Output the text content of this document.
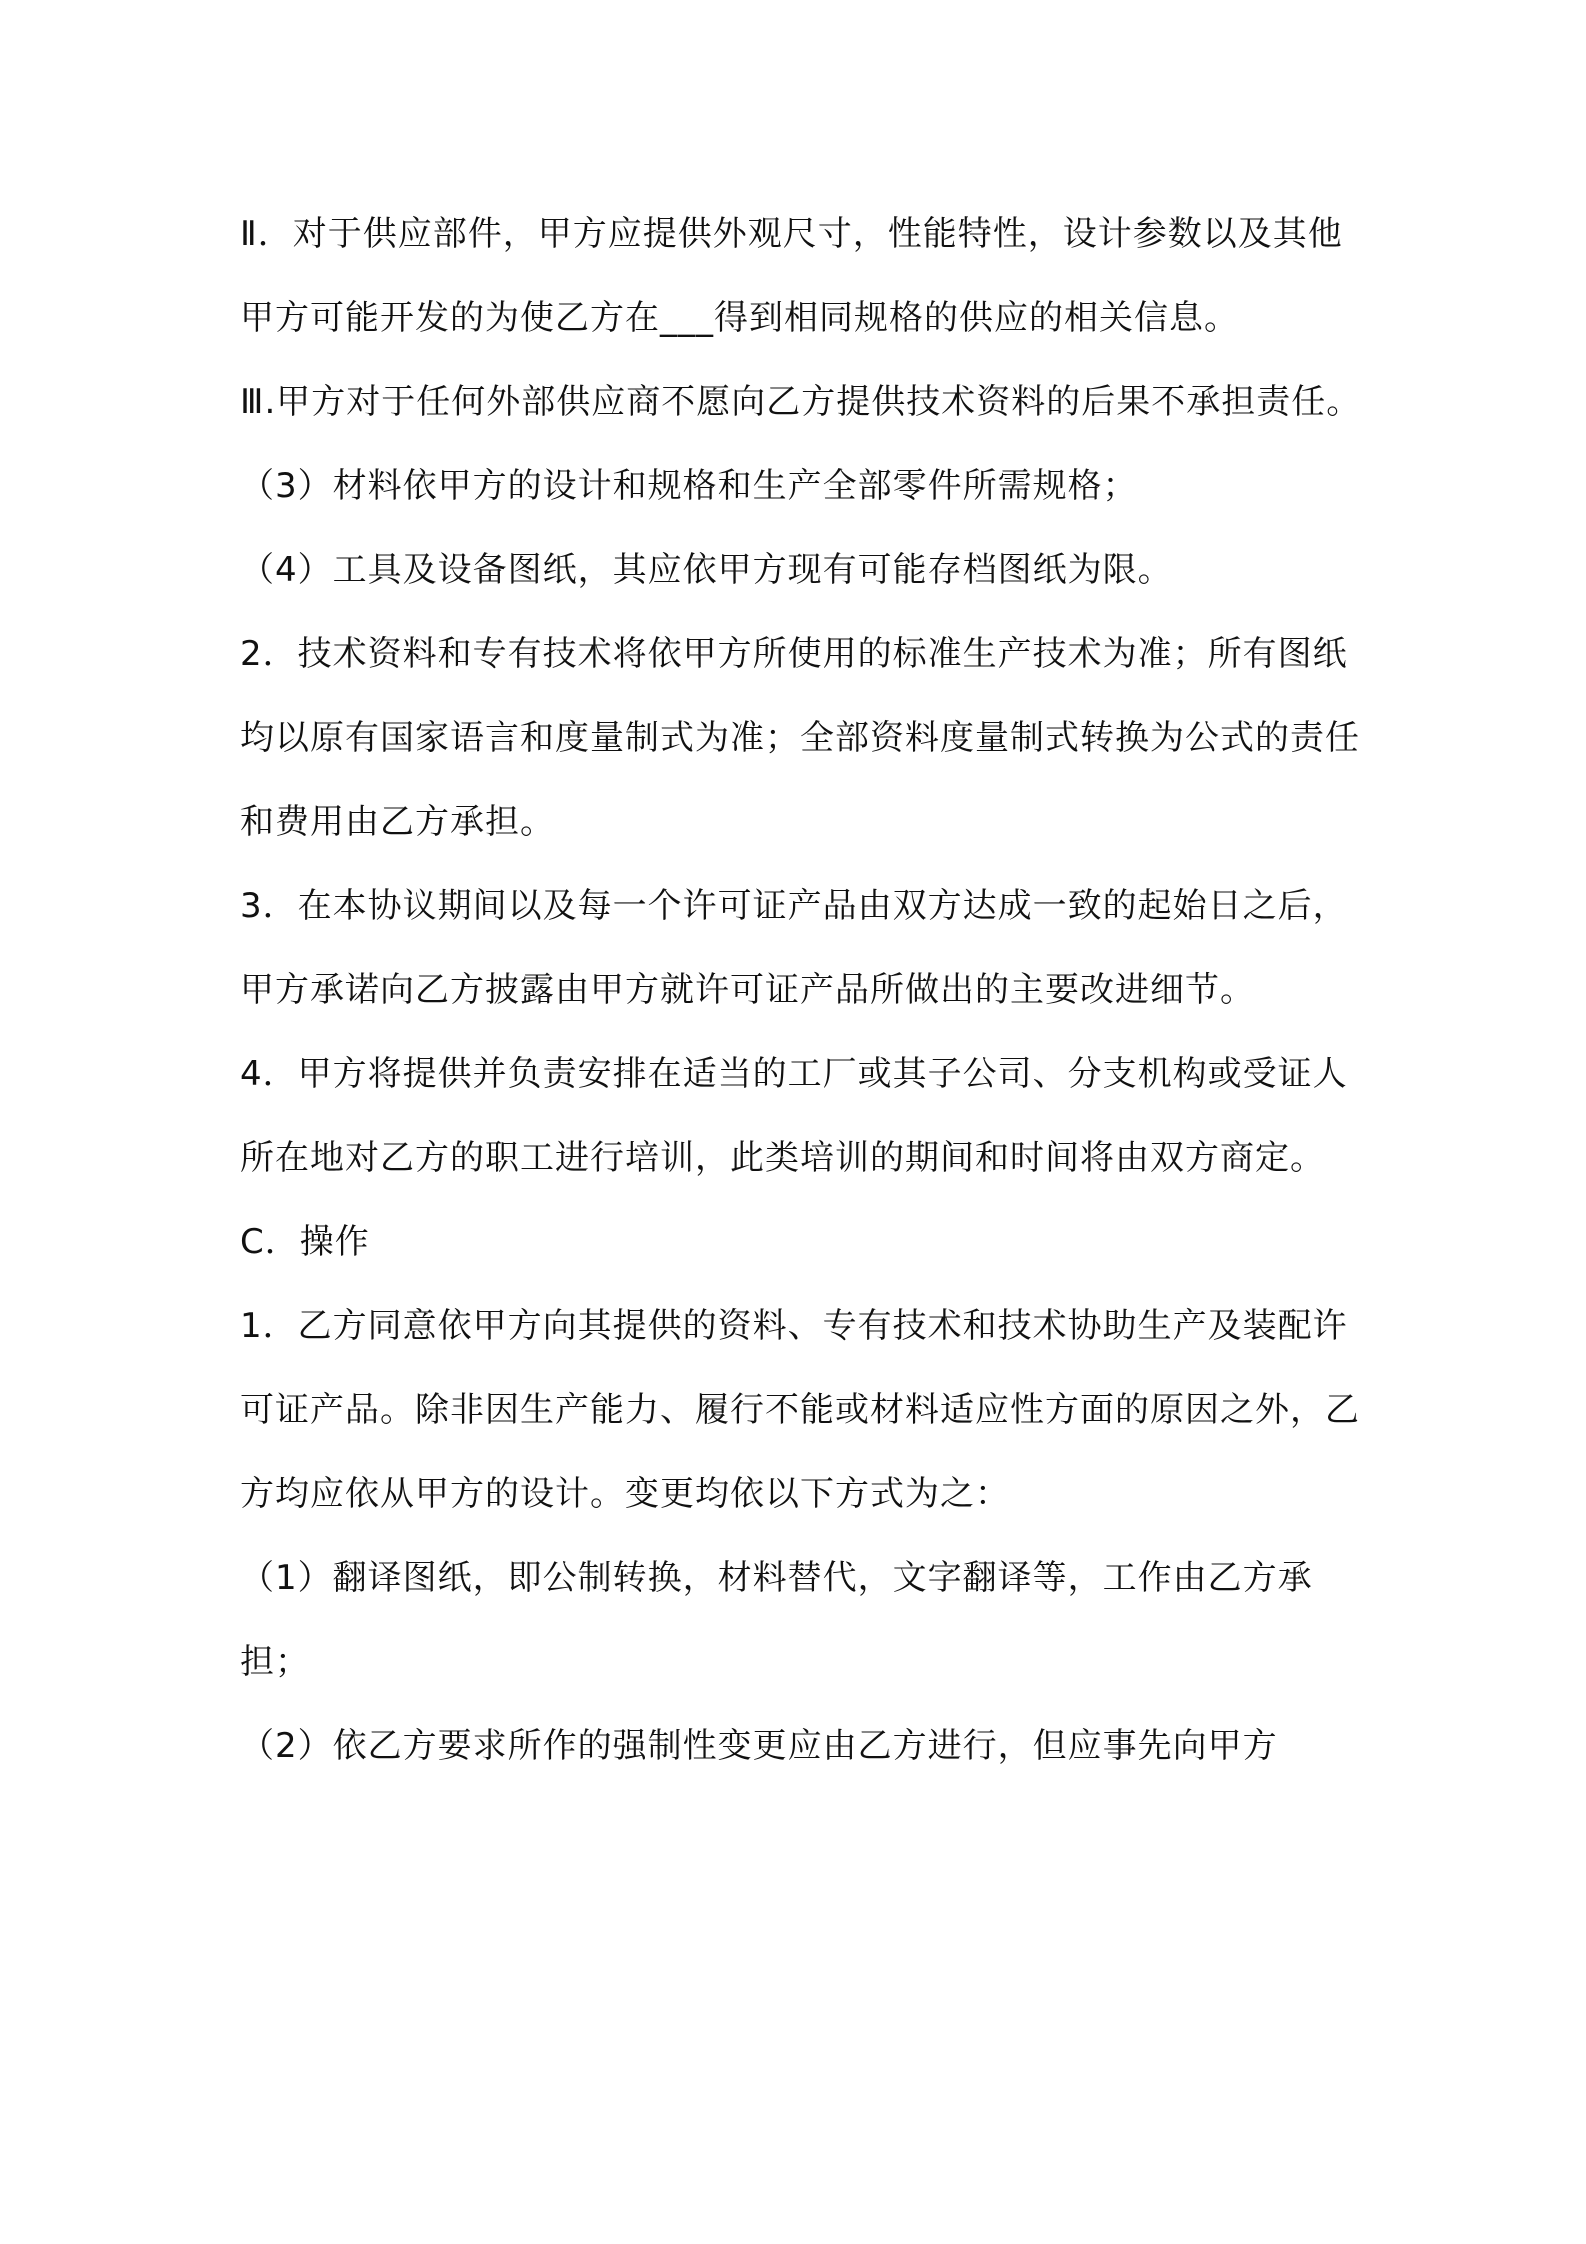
Ⅱ．对于供应部件，甲方应提供外观尺寸，性能特性，设计参数以及其他甲方可能开发的为使乙方在___得到相同规格的供应的相关信息。

Ⅲ.甲方对于任何外部供应商不愿向乙方提供技术资料的后果不承担责任。

（3）材料依甲方的设计和规格和生产全部零件所需规格；

（4）工具及设备图纸，其应依甲方现有可能存档图纸为限。

2．技术资料和专有技术将依甲方所使用的标准生产技术为准；所有图纸均以原有国家语言和度量制式为准；全部资料度量制式转换为公式的责任和费用由乙方承担。

3．在本协议期间以及每一个许可证产品由双方达成一致的起始日之后，甲方承诺向乙方披露由甲方就许可证产品所做出的主要改进细节。

4．甲方将提供并负责安排在适当的工厂或其子公司、分支机构或受证人所在地对乙方的职工进行培训，此类培训的期间和时间将由双方商定。

C．操作

1．乙方同意依甲方向其提供的资料、专有技术和技术协助生产及装配许可证产品。除非因生产能力、履行不能或材料适应性方面的原因之外，乙方均应依从甲方的设计。变更均依以下方式为之：

（1）翻译图纸，即公制转换，材料替代，文字翻译等，工作由乙方承担；

（2）依乙方要求所作的强制性变更应由乙方进行，但应事先向甲方
